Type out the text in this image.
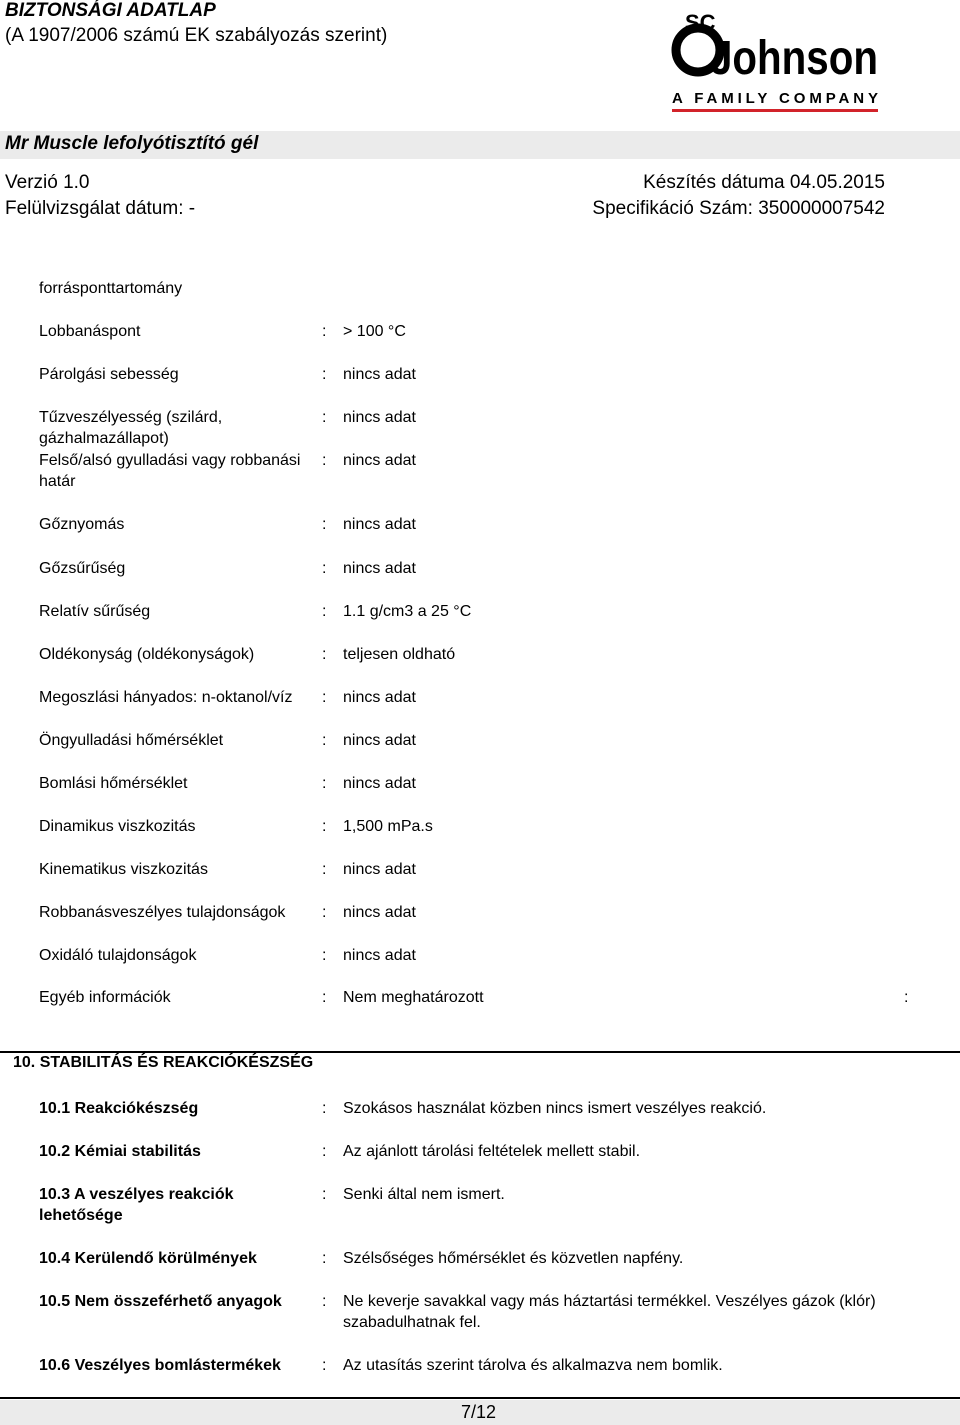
BIZTONSÁGI ADATLAP
(A 1907/2006 számú EK szabályozás szerint)
SC
Johnson
A FAMILY COMPANY
Mr Muscle lefolyótisztító gél
Verzió 1.0	Készítés dátuma 04.05.2015
Felülvizsgálat dátum: -	Specifikáció Szám: 350000007542
forrásponttartomány
Lobbanáspont	: > 100 °C
Párolgási sebesség	: nincs adat
Tűzveszélyesség (szilárd,
gázhalmazállapot)
: nincs adat
Felső/alsó gyulladási vagy robbanási
határ
: nincs adat
Gőznyomás	: nincs adat
Gőzsűrűség	: nincs adat
Relatív sűrűség	: 1.1 g/cm3 a 25 °C
Oldékonyság (oldékonyságok)	: teljesen oldható
Megoszlási hányados: n-oktanol/víz : nincs adat
Öngyulladási hőmérséklet	: nincs adat
Bomlási hőmérséklet	: nincs adat
Dinamikus viszkozitás	: 1,500 mPa.s
Kinematikus viszkozitás	: nincs adat
Robbanásveszélyes tulajdonságok : nincs adat
Oxidáló tulajdonságok	: nincs adat
Egyéb információk	: Nem meghatározott	:
10. STABILITÁS ÉS REAKCIÓKÉSZSÉG
10.1 Reakciókészség	: Szokásos használat közben nincs ismert veszélyes reakció.
10.2 Kémiai stabilitás	: Az ajánlott tárolási feltételek mellett stabil.
10.3 A veszélyes reakciók
lehetősége
: Senki által nem ismert.
10.4 Kerülendő körülmények	: Szélsőséges hőmérséklet és közvetlen napfény.
10.5 Nem összeférhető anyagok	: Ne keverje savakkal vagy más háztartási termékkel. Veszélyes gázok (klór)
szabadulhatnak fel.
10.6 Veszélyes bomlástermékek	: Az utasítás szerint tárolva és alkalmazva nem bomlik.
7/12
